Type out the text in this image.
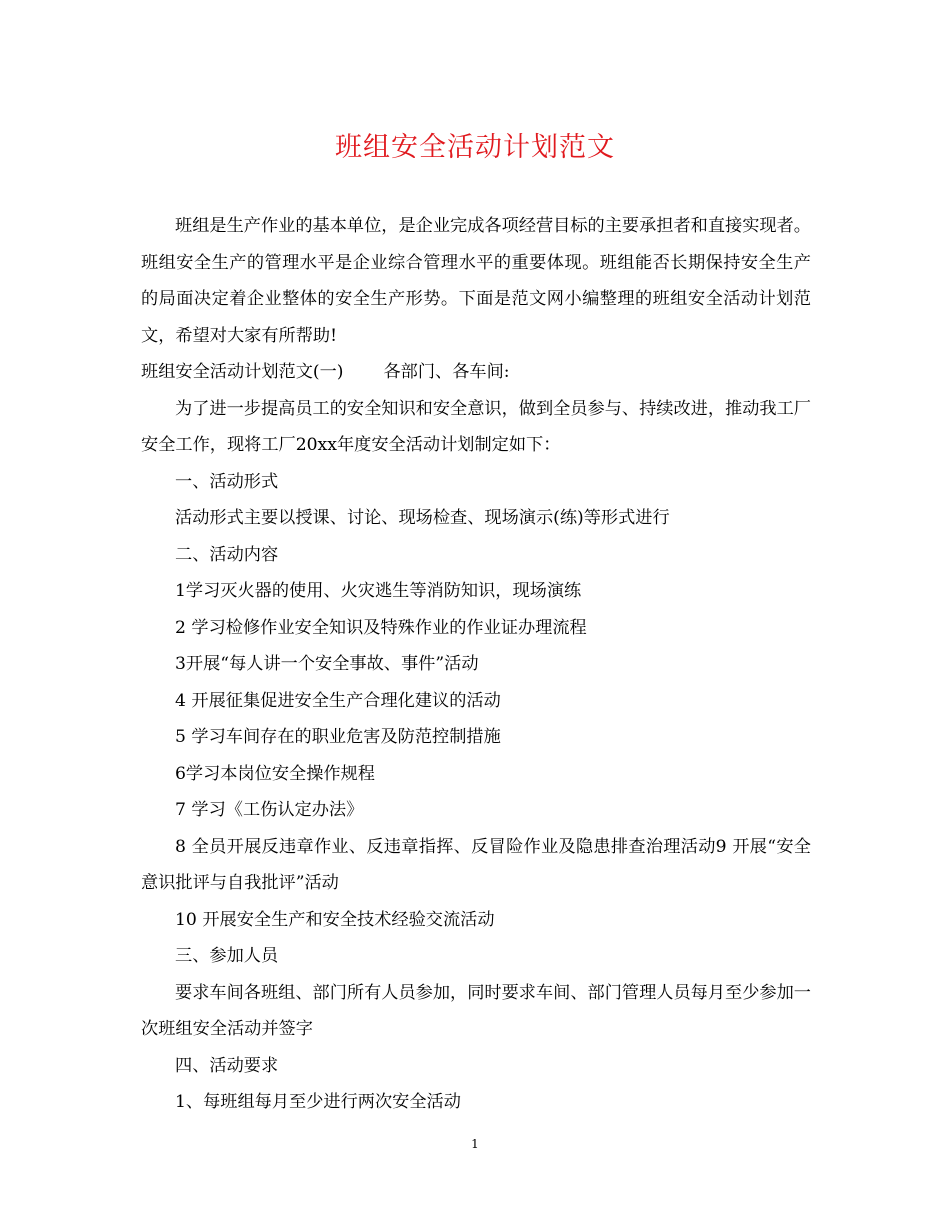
班组安全活动计划范文

班组是生产作业的基本单位，是企业完成各项经营目标的主要承担者和直接实现者。班组安全生产的管理水平是企业综合管理水平的重要体现。班组能否长期保持安全生产的局面决定着企业整体的安全生产形势。下面是范文网小编整理的班组安全活动计划范文，希望对大家有所帮助!

班组安全活动计划范文(一) 各部门、各车间:

为了进一步提高员工的安全知识和安全意识，做到全员参与、持续改进，推动我工厂安全工作，现将工厂20xx年度安全活动计划制定如下：

一、活动形式

活动形式主要以授课、讨论、现场检查、现场演示(练)等形式进行

二、活动内容

1学习灭火器的使用、火灾逃生等消防知识，现场演练

2 学习检修作业安全知识及特殊作业的作业证办理流程

3开展“每人讲一个安全事故、事件”活动

4 开展征集促进安全生产合理化建议的活动

5 学习车间存在的职业危害及防范控制措施

6学习本岗位安全操作规程

7 学习《工伤认定办法》

8 全员开展反违章作业、反违章指挥、反冒险作业及隐患排查治理活动9 开展“安全意识批评与自我批评”活动

10 开展安全生产和安全技术经验交流活动

三、参加人员

要求车间各班组、部门所有人员参加，同时要求车间、部门管理人员每月至少参加一次班组安全活动并签字

四、活动要求

1、每班组每月至少进行两次安全活动

1
